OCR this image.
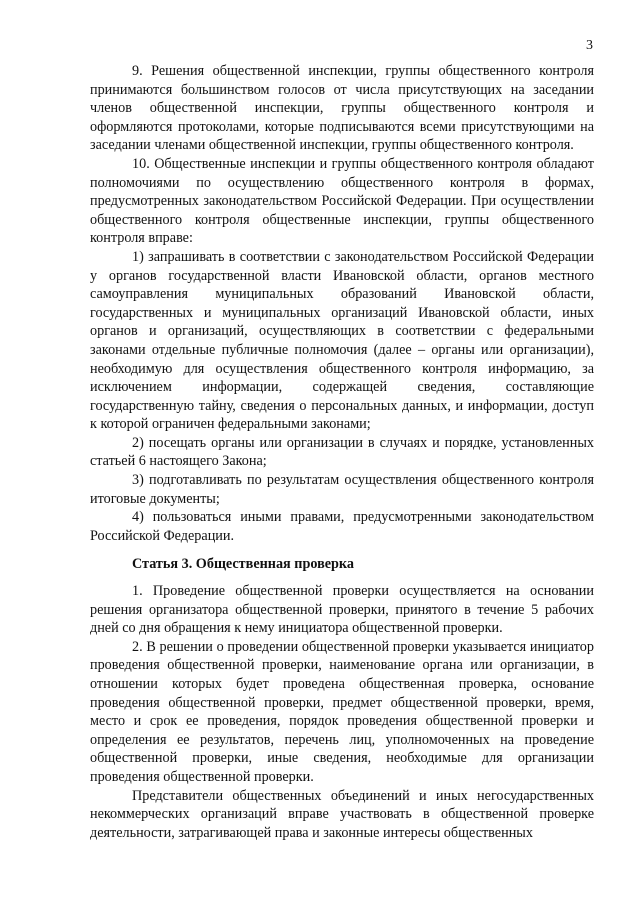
3

9. Решения общественной инспекции, группы общественного контроля принимаются большинством голосов от числа присутствующих на заседании членов общественной инспекции, группы общественного контроля и оформляются протоколами, которые подписываются всеми присутствующими на заседании членами общественной инспекции, группы общественного контроля.

10. Общественные инспекции и группы общественного контроля обладают полномочиями по осуществлению общественного контроля в формах, предусмотренных законодательством Российской Федерации. При осуществлении общественного контроля общественные инспекции, группы общественного контроля вправе:

1) запрашивать в соответствии с законодательством Российской Федерации у органов государственной власти Ивановской области, органов местного самоуправления муниципальных образований Ивановской области, государственных и муниципальных организаций Ивановской области, иных органов и организаций, осуществляющих в соответствии с федеральными законами отдельные публичные полномочия (далее – органы или организации), необходимую для осуществления общественного контроля информацию, за исключением информации, содержащей сведения, составляющие государственную тайну, сведения о персональных данных, и информации, доступ к которой ограничен федеральными законами;

2) посещать органы или организации в случаях и порядке, установленных статьей 6 настоящего Закона;

3) подготавливать по результатам осуществления общественного контроля итоговые документы;

4) пользоваться иными правами, предусмотренными законодательством Российской Федерации.

Статья 3. Общественная проверка

1. Проведение общественной проверки осуществляется на основании решения организатора общественной проверки, принятого в течение 5 рабочих дней со дня обращения к нему инициатора общественной проверки.

2. В решении о проведении общественной проверки указывается инициатор проведения общественной проверки, наименование органа или организации, в отношении которых будет проведена общественная проверка, основание проведения общественной проверки, предмет общественной проверки, время, место и срок ее проведения, порядок проведения общественной проверки и определения ее результатов, перечень лиц, уполномоченных на проведение общественной проверки, иные сведения, необходимые для организации проведения общественной проверки.

Представители общественных объединений и иных негосударственных некоммерческих организаций вправе участвовать в общественной проверке деятельности, затрагивающей права и законные интересы общественных
